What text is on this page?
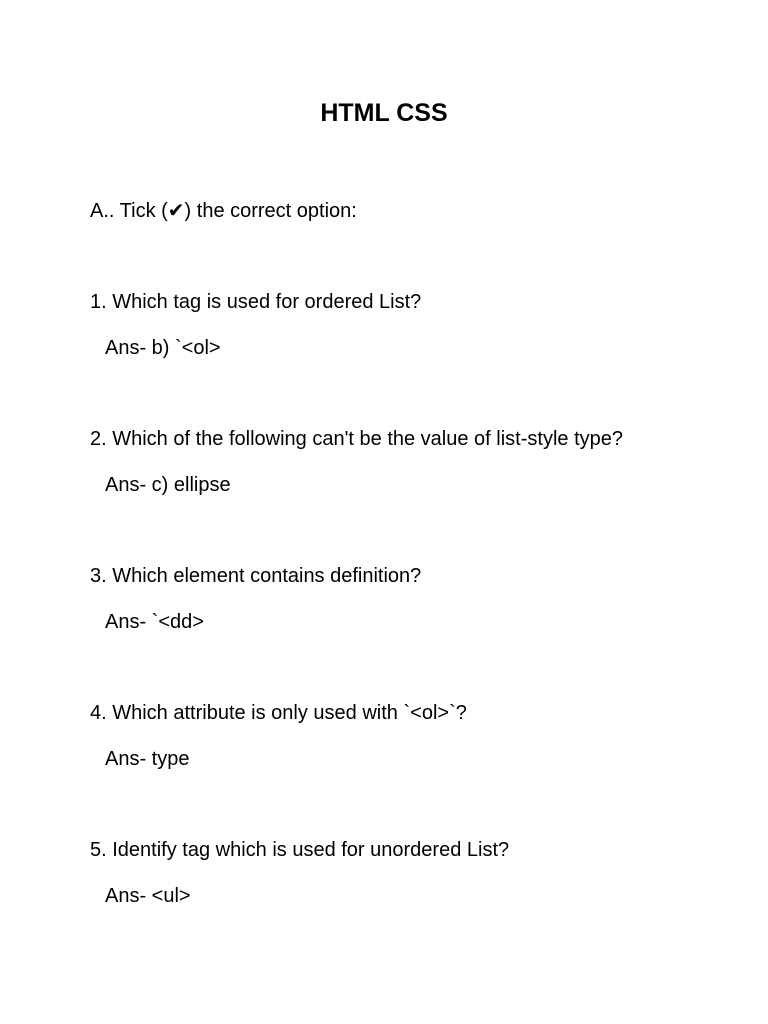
HTML CSS
A.. Tick (✔) the correct option:
1. Which tag is used for ordered List?
Ans- b) `<ol>
2. Which of the following can't be the value of list-style type?
Ans- c) ellipse
3. Which element contains definition?
Ans- `<dd>
4. Which attribute is only used with `<ol>`?
Ans- type
5. Identify tag which is used for unordered List?
Ans- <ul>
